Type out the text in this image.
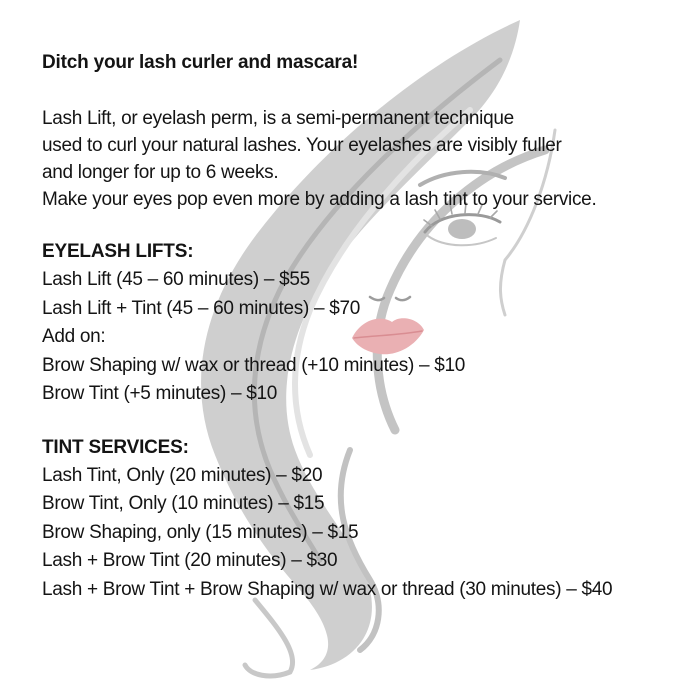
Ditch your lash curler and mascara!

Lash Lift, or eyelash perm, is a semi-permanent technique

used to curl your natural lashes. Your eyelashes are visibly fuller

and longer for up to 6 weeks.

Make your eyes pop even more by adding a lash tint to your service.

EYELASH LIFTS:

Lash Lift (45 – 60 minutes) – $55

Lash Lift + Tint (45 – 60 minutes) – $70

Add on:

Brow Shaping w/ wax or thread (+10 minutes) – $10

Brow Tint (+5 minutes) – $10

TINT SERVICES:

Lash Tint, Only (20 minutes) – $20

Brow Tint, Only (10 minutes) – $15

Brow Shaping, only (15 minutes) – $15

Lash + Brow Tint (20 minutes) – $30

Lash + Brow Tint + Brow Shaping w/ wax or thread (30 minutes) – $40
